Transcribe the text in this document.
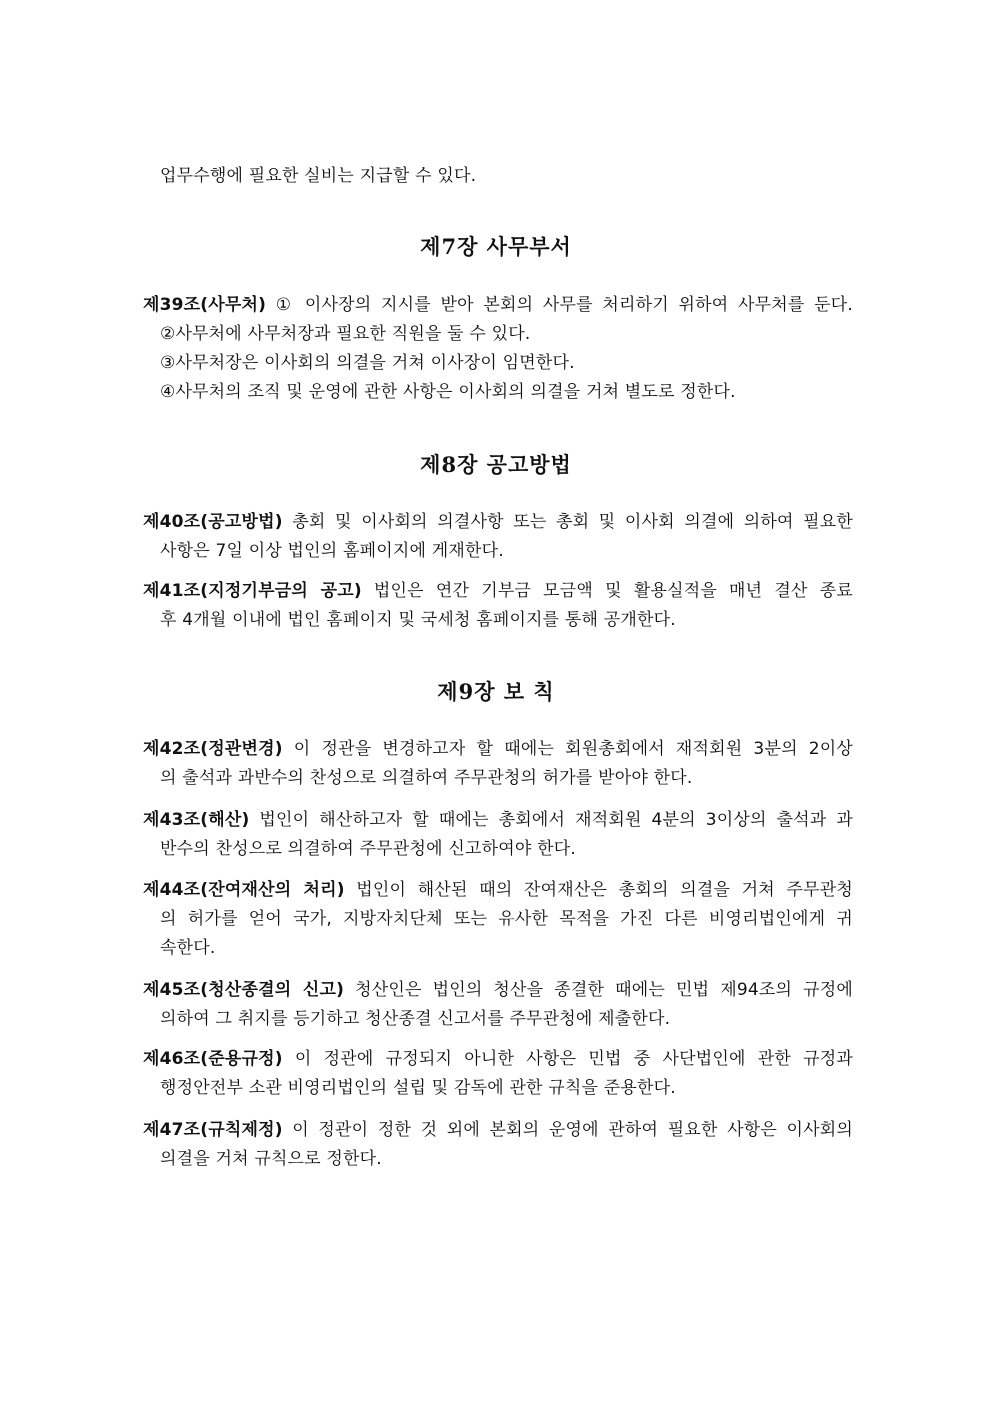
업무수행에 필요한 실비는 지급할 수 있다.
제7장 사무부서
제39조(사무처) ① 이사장의 지시를 받아 본회의 사무를 처리하기 위하여 사무처를 둔다.
②사무처에 사무처장과 필요한 직원을 둘 수 있다.
③사무처장은 이사회의 의결을 거쳐 이사장이 임면한다.
④사무처의 조직 및 운영에 관한 사항은 이사회의 의결을 거쳐 별도로 정한다.
제8장 공고방법
제40조(공고방법) 총회 및 이사회의 의결사항 또는 총회 및 이사회 의결에 의하여 필요한
사항은 7일 이상 법인의 홈페이지에 게재한다.
제41조(지정기부금의 공고) 법인은 연간 기부금 모금액 및 활용실적을 매년 결산 종료
후 4개월 이내에 법인 홈페이지 및 국세청 홈페이지를 통해 공개한다.
제9장 보 칙
제42조(정관변경) 이 정관을 변경하고자 할 때에는 회원총회에서 재적회원 3분의 2이상
의 출석과 과반수의 찬성으로 의결하여 주무관청의 허가를 받아야 한다.
제43조(해산) 법인이 해산하고자 할 때에는 총회에서 재적회원 4분의 3이상의 출석과 과
반수의 찬성으로 의결하여 주무관청에 신고하여야 한다.
제44조(잔여재산의 처리) 법인이 해산된 때의 잔여재산은 총회의 의결을 거쳐 주무관청
의 허가를 얻어 국가, 지방자치단체 또는 유사한 목적을 가진 다른 비영리법인에게 귀
속한다.
제45조(청산종결의 신고) 청산인은 법인의 청산을 종결한 때에는 민법 제94조의 규정에
의하여 그 취지를 등기하고 청산종결 신고서를 주무관청에 제출한다.
제46조(준용규정) 이 정관에 규정되지 아니한 사항은 민법 중 사단법인에 관한 규정과
행정안전부 소관 비영리법인의 설립 및 감독에 관한 규칙을 준용한다.
제47조(규칙제정) 이 정관이 정한 것 외에 본회의 운영에 관하여 필요한 사항은 이사회의
의결을 거쳐 규칙으로 정한다.
